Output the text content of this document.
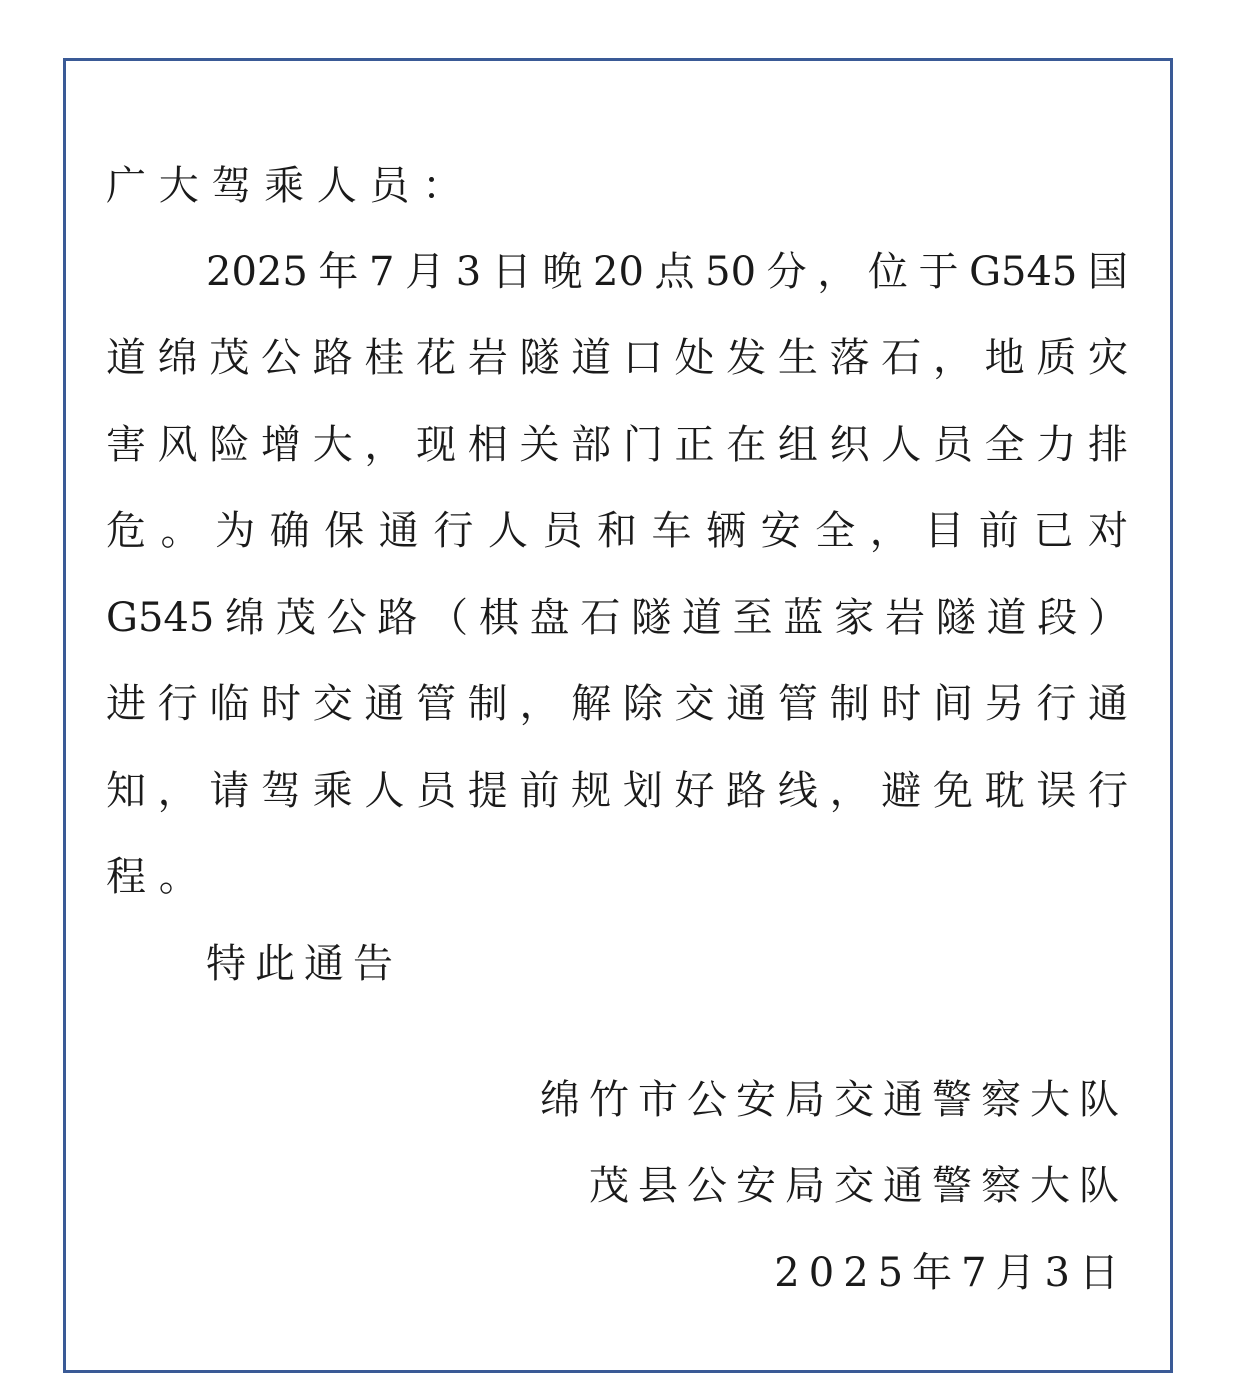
广大驾乘人员：
2025年7月3日晚20点50分，位于G545国
道绵茂公路桂花岩隧道口处发生落石，地质灾
害风险增大，现相关部门正在组织人员全力排
危。为确保通行人员和车辆安全，目前已对
G545绵茂公路（棋盘石隧道至蓝家岩隧道段）
进行临时交通管制，解除交通管制时间另行通
知，请驾乘人员提前规划好路线，避免耽误行
程。
特此通告
绵竹市公安局交通警察大队
茂县公安局交通警察大队
2025年7月3日
